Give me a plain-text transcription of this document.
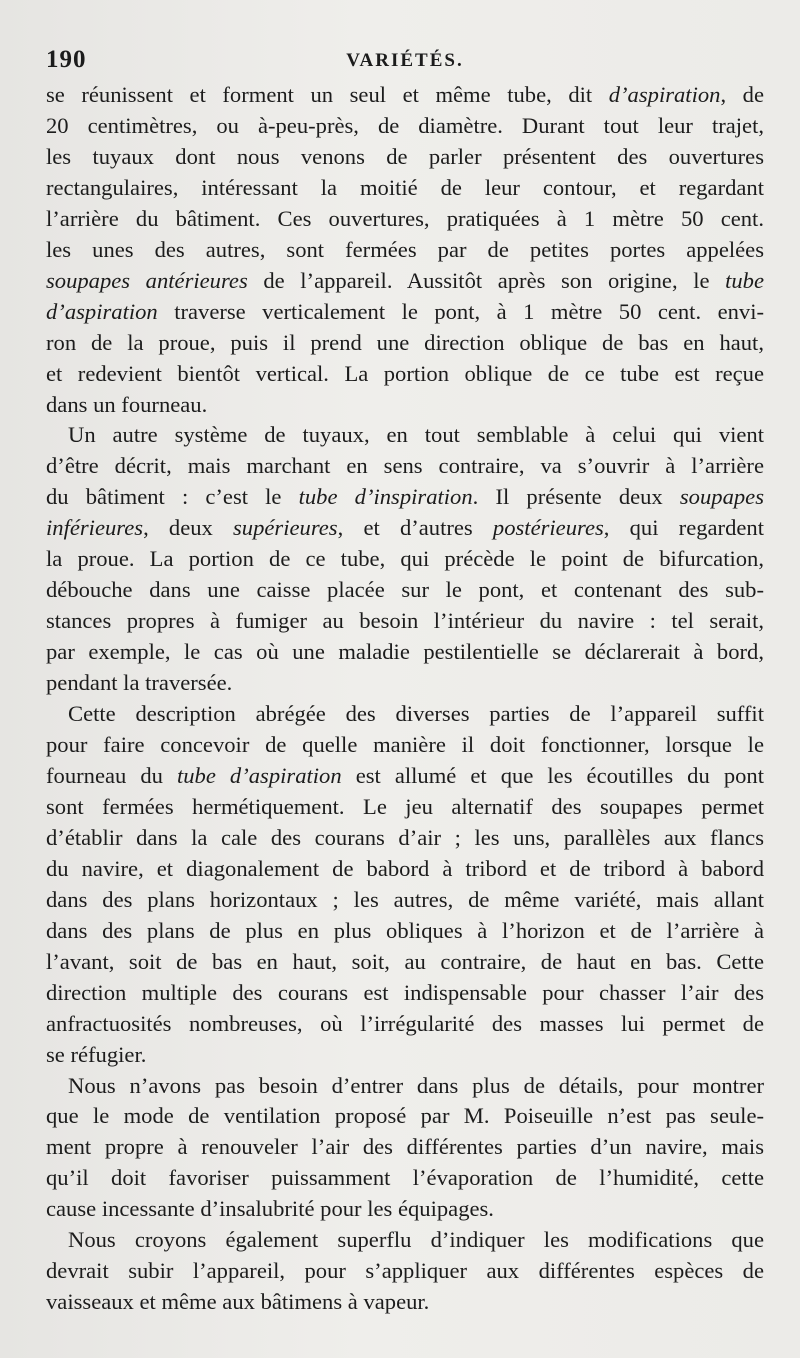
190	VARIÉTÉS.
se réunissent et forment un seul et même tube, dit d’aspiration, de
20 centimètres, ou à-peu-près, de diamètre. Durant tout leur trajet,
les tuyaux dont nous venons de parler présentent des ouvertures
rectangulaires, intéressant la moitié de leur contour, et regardant
l’arrière du bâtiment. Ces ouvertures, pratiquées à 1 mètre 50 cent.
les unes des autres, sont fermées par de petites portes appelées
soupapes antérieures de l’appareil. Aussitôt après son origine, le tube
d’aspiration traverse verticalement le pont, à 1 mètre 50 cent. envi-
ron de la proue, puis il prend une direction oblique de bas en haut,
et redevient bientôt vertical. La portion oblique de ce tube est reçue
dans un fourneau.
Un autre système de tuyaux, en tout semblable à celui qui vient
d’être décrit, mais marchant en sens contraire, va s’ouvrir à l’arrière
du bâtiment : c’est le tube d’inspiration. Il présente deux soupapes
inférieures, deux supérieures, et d’autres postérieures, qui regardent
la proue. La portion de ce tube, qui précède le point de bifurcation,
débouche dans une caisse placée sur le pont, et contenant des sub-
stances propres à fumiger au besoin l’intérieur du navire : tel serait,
par exemple, le cas où une maladie pestilentielle se déclarerait à bord,
pendant la traversée.
Cette description abrégée des diverses parties de l’appareil suffit
pour faire concevoir de quelle manière il doit fonctionner, lorsque le
fourneau du tube d’aspiration est allumé et que les écoutilles du pont
sont fermées hermétiquement. Le jeu alternatif des soupapes permet
d’établir dans la cale des courans d’air ; les uns, parallèles aux flancs
du navire, et diagonalement de babord à tribord et de tribord à babord
dans des plans horizontaux ; les autres, de même variété, mais allant
dans des plans de plus en plus obliques à l’horizon et de l’arrière à
l’avant, soit de bas en haut, soit, au contraire, de haut en bas. Cette
direction multiple des courans est indispensable pour chasser l’air des
anfractuosités nombreuses, où l’irrégularité des masses lui permet de
se réfugier.
Nous n’avons pas besoin d’entrer dans plus de détails, pour montrer
que le mode de ventilation proposé par M. Poiseuille n’est pas seule-
ment propre à renouveler l’air des différentes parties d’un navire, mais
qu’il doit favoriser puissamment l’évaporation de l’humidité, cette
cause incessante d’insalubrité pour les équipages.
Nous croyons également superflu d’indiquer les modifications que
devrait subir l’appareil, pour s’appliquer aux différentes espèces de
vaisseaux et même aux bâtimens à vapeur.
